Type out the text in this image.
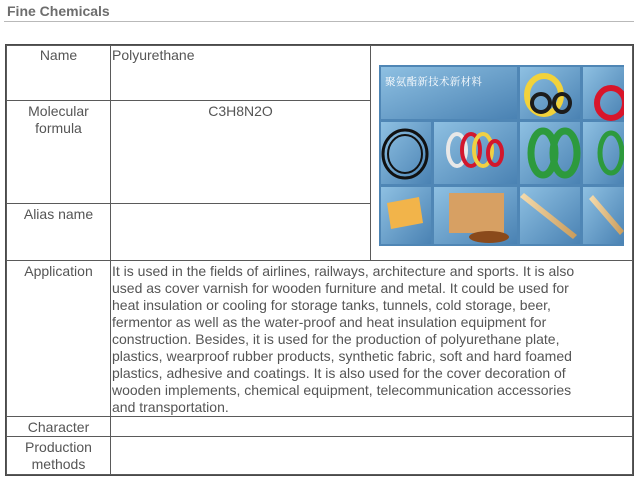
Fine Chemicals
Name	Polyurethane
Molecular
formula
C3H8N2O
Alias name
Application	It is used in the fields of airlines, railways, architecture and sports. It is also
used as cover varnish for wooden furniture and metal. It could be used for
heat insulation or cooling for storage tanks, tunnels, cold storage, beer,
fermentor as well as the water-proof and heat insulation equipment for
construction. Besides, it is used for the production of polyurethane plate,
plastics, wearproof rubber products, synthetic fabric, soft and hard foamed
plastics, adhesive and coatings. It is also used for the cover decoration of
wooden implements, chemical equipment, telecommunication accessories
and transportation.
Character
Production
methods
聚氨酯新技术新材料
